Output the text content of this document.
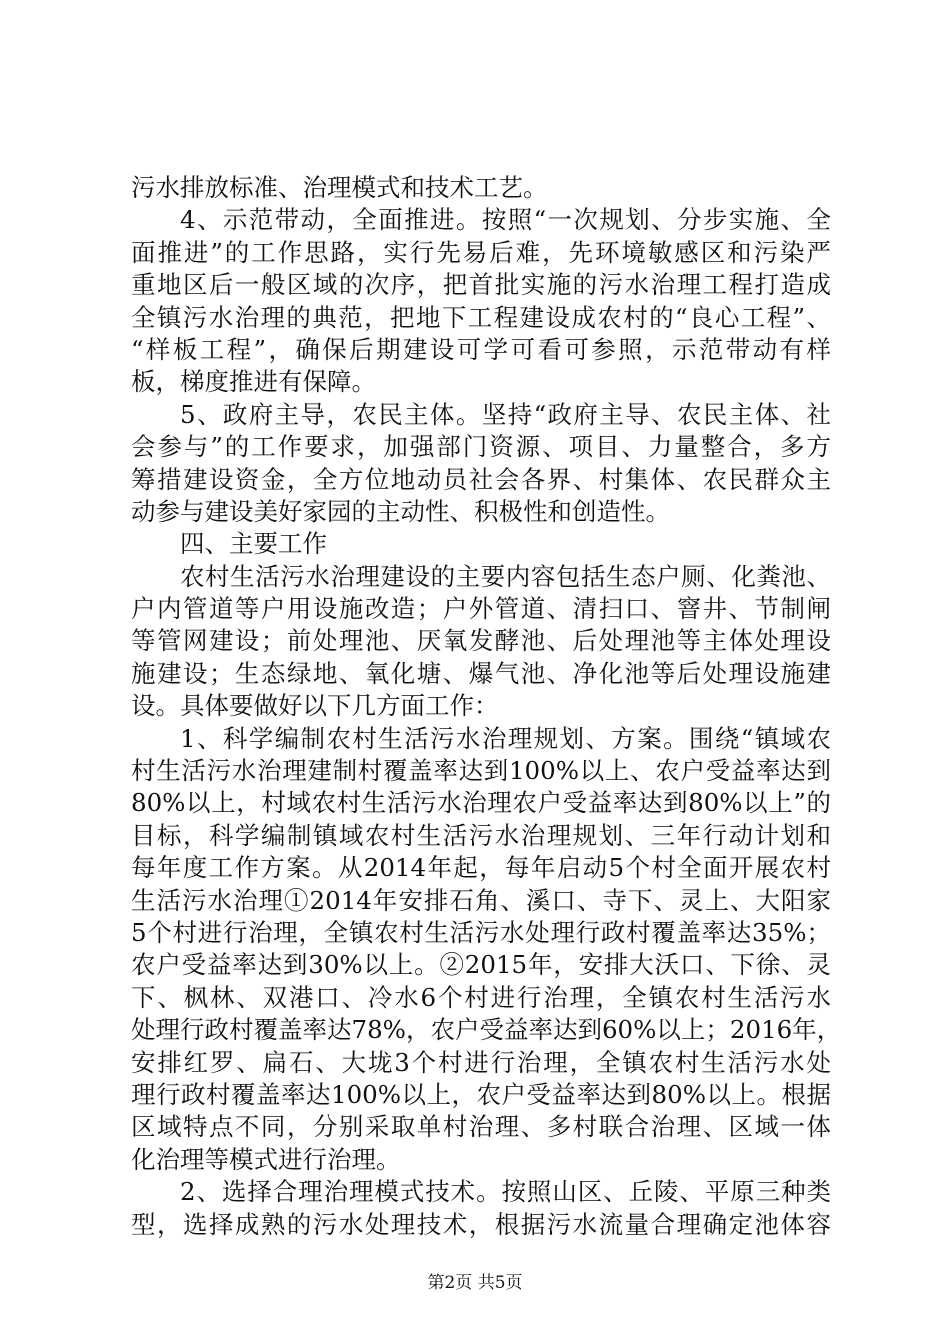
污水排放标准、治理模式和技术工艺。
4、示范带动，全面推进。按照“一次规划、分步实施、全
面推进”的工作思路，实行先易后难，先环境敏感区和污染严
重地区后一般区域的次序，把首批实施的污水治理工程打造成
全镇污水治理的典范，把地下工程建设成农村的“良心工程”、
“样板工程”，确保后期建设可学可看可参照，示范带动有样
板，梯度推进有保障。
5、政府主导，农民主体。坚持“政府主导、农民主体、社
会参与”的工作要求，加强部门资源、项目、力量整合，多方
筹措建设资金，全方位地动员社会各界、村集体、农民群众主
动参与建设美好家园的主动性、积极性和创造性。
四、主要工作
农村生活污水治理建设的主要内容包括生态户厕、化粪池、
户内管道等户用设施改造；户外管道、清扫口、窨井、节制闸
等管网建设；前处理池、厌氧发酵池、后处理池等主体处理设
施建设；生态绿地、氧化塘、爆气池、净化池等后处理设施建
设。具体要做好以下几方面工作：
1、科学编制农村生活污水治理规划、方案。围绕“镇域农
村生活污水治理建制村覆盖率达到100%以上、农户受益率达到
80%以上，村域农村生活污水治理农户受益率达到80%以上”的
目标，科学编制镇域农村生活污水治理规划、三年行动计划和
每年度工作方案。从2014年起，每年启动5个村全面开展农村
生活污水治理①2014年安排石角、溪口、寺下、灵上、大阳家
5个村进行治理，全镇农村生活污水处理行政村覆盖率达35%；
农户受益率达到30%以上。②2015年，安排大沃口、下徐、灵
下、枫林、双港口、冷水6个村进行治理，全镇农村生活污水
处理行政村覆盖率达78%，农户受益率达到60%以上；2016年，
安排红罗、扁石、大垅3个村进行治理，全镇农村生活污水处
理行政村覆盖率达100%以上，农户受益率达到80%以上。根据
区域特点不同，分别采取单村治理、多村联合治理、区域一体
化治理等模式进行治理。
2、选择合理治理模式技术。按照山区、丘陵、平原三种类
型，选择成熟的污水处理技术，根据污水流量合理确定池体容
第2页 共5页
